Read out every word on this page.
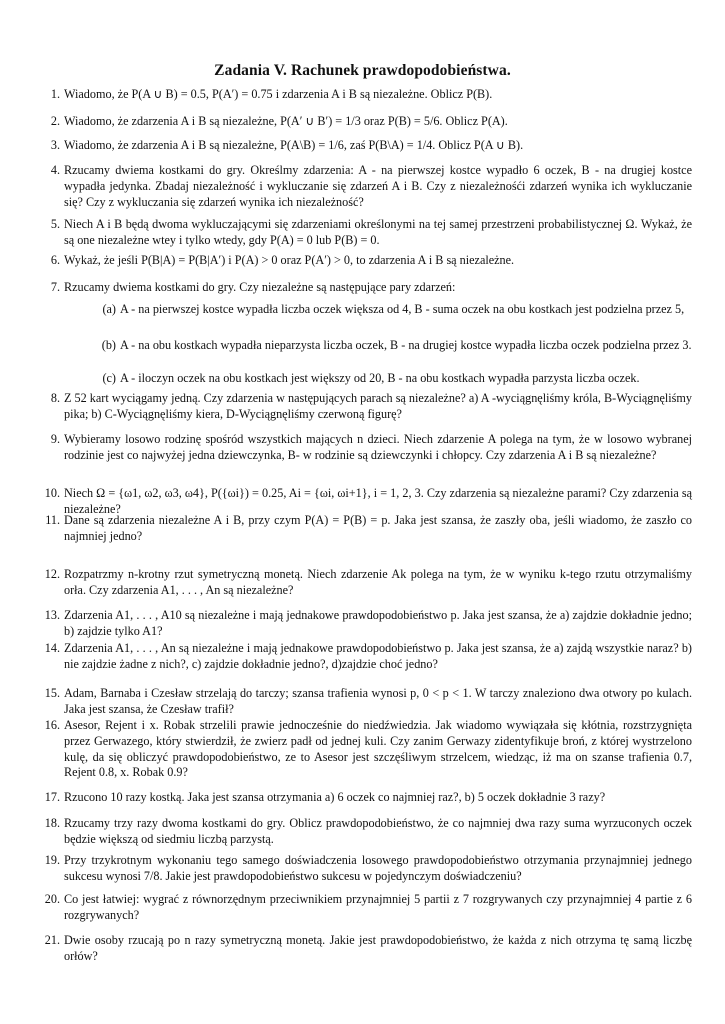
Zadania V. Rachunek prawdopodobieństwa.
1. Wiadomo, że P(A ∪ B) = 0.5, P(A′) = 0.75 i zdarzenia A i B są niezależne. Oblicz P(B).
2. Wiadomo, że zdarzenia A i B są niezależne, P(A′ ∪ B′) = 1/3 oraz P(B) = 5/6. Oblicz P(A).
3. Wiadomo, że zdarzenia A i B są niezależne, P(A\B) = 1/6, zaś P(B\A) = 1/4. Oblicz P(A ∪ B).
4. Rzucamy dwiema kostkami do gry. Określmy zdarzenia: A - na pierwszej kostce wypadło 6 oczek, B - na drugiej kostce wypadła jedynka. Zbadaj niezależność i wykluczanie się zdarzeń A i B. Czy z niezależnośći zdarzeń wynika ich wykluczanie się? Czy z wykluczania się zdarzeń wynika ich niezależność?
5. Niech A i B będą dwoma wykluczającymi się zdarzeniami określonymi na tej samej przestrzeni probabilistycznej Ω. Wykaż, że są one niezależne wtey i tylko wtedy, gdy P(A) = 0 lub P(B) = 0.
6. Wykaż, że jeśli P(B|A) = P(B|A′) i P(A) > 0 oraz P(A′) > 0, to zdarzenia A i B są niezależne.
7. Rzucamy dwiema kostkami do gry. Czy niezależne są następujące pary zdarzeń:
(a) A - na pierwszej kostce wypadła liczba oczek większa od 4, B - suma oczek na obu kostkach jest podzielna przez 5,
(b) A - na obu kostkach wypadła nieparzysta liczba oczek, B - na drugiej kostce wypadła liczba oczek podzielna przez 3.
(c) A - iloczyn oczek na obu kostkach jest większy od 20, B - na obu kostkach wypadła parzysta liczba oczek.
8. Z 52 kart wyciągamy jedną. Czy zdarzenia w następujących parach są niezależne? a) A -wyciągnęliśmy króla, B-Wyciągnęliśmy pika; b) C-Wyciągnęliśmy kiera, D-Wyciągnęliśmy czerwoną figurę?
9. Wybieramy losowo rodzinę spośród wszystkich mających n dzieci. Niech zdarzenie A polega na tym, że w losowo wybranej rodzinie jest co najwyżej jedna dziewczynka, B- w rodzinie są dziewczynki i chłopcy. Czy zdarzenia A i B są niezależne?
10. Niech Ω = {ω1, ω2, ω3, ω4}, P({ωi}) = 0.25, Ai = {ωi, ωi+1}, i = 1, 2, 3. Czy zdarzenia są niezależne parami? Czy zdarzenia są niezależne?
11. Dane są zdarzenia niezależne A i B, przy czym P(A) = P(B) = p. Jaka jest szansa, że zaszły oba, jeśli wiadomo, że zaszło co najmniej jedno?
12. Rozpatrzmy n-krotny rzut symetryczną monetą. Niech zdarzenie Ak polega na tym, że w wyniku k-tego rzutu otrzymaliśmy orła. Czy zdarzenia A1, . . . , An są niezależne?
13. Zdarzenia A1, . . . , A10 są niezależne i mają jednakowe prawdopodobieństwo p. Jaka jest szansa, że a) zajdzie dokładnie jedno; b) zajdzie tylko A1?
14. Zdarzenia A1, . . . , An są niezależne i mają jednakowe prawdopodobieństwo p. Jaka jest szansa, że a) zajdą wszystkie naraz? b) nie zajdzie żadne z nich?, c) zajdzie dokładnie jedno?, d)zajdzie choć jedno?
15. Adam, Barnaba i Czesław strzelają do tarczy; szansa trafienia wynosi p, 0 < p < 1. W tarczy znaleziono dwa otwory po kulach. Jaka jest szansa, że Czesław trafił?
16. Asesor, Rejent i x. Robak strzelili prawie jednocześnie do niedźwiedzia. Jak wiadomo wywiązała się kłótnia, rozstrzygnięta przez Gerwazego, który stwierdził, że zwierz padł od jednej kuli. Czy zanim Gerwazy zidentyfikuje broń, z której wystrzelono kulę, da się obliczyć prawdopodobieństwo, ze to Asesor jest szczęśliwym strzelcem, wiedząc, iż ma on szanse trafienia 0.7, Rejent 0.8, x. Robak 0.9?
17. Rzucono 10 razy kostką. Jaka jest szansa otrzymania a) 6 oczek co najmniej raz?, b) 5 oczek dokładnie 3 razy?
18. Rzucamy trzy razy dwoma kostkami do gry. Oblicz prawdopodobieństwo, że co najmniej dwa razy suma wyrzuconych oczek będzie większą od siedmiu liczbą parzystą.
19. Przy trzykrotnym wykonaniu tego samego doświadczenia losowego prawdopodobieństwo otrzymania przynajmniej jednego sukcesu wynosi 7/8. Jakie jest prawdopodobieństwo sukcesu w pojedynczym doświadczeniu?
20. Co jest łatwiej: wygrać z równorzędnym przeciwnikiem przynajmniej 5 partii z 7 rozgrywanych czy przynajmniej 4 partie z 6 rozgrywanych?
21. Dwie osoby rzucają po n razy symetryczną monetą. Jakie jest prawdopodobieństwo, że każda z nich otrzyma tę samą liczbę orłów?
